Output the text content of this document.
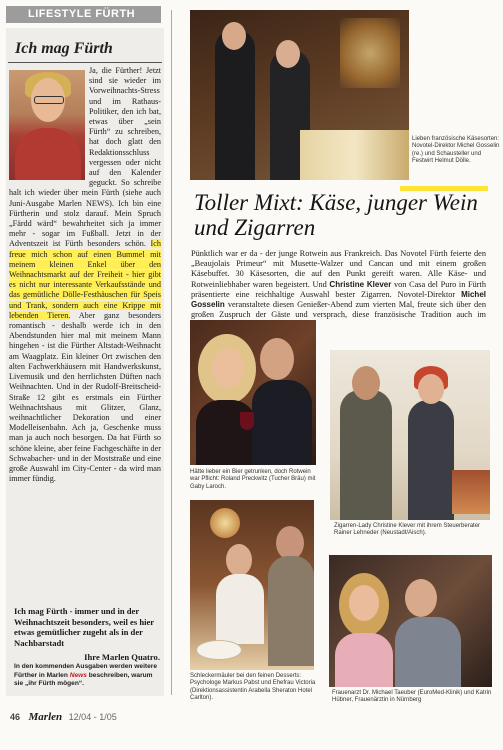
LIFESTYLE FÜRTH
Ich mag Fürth

Ja, die Fürther! Jetzt sind sie wieder im Vorweihnachts-Stress und im Rathaus-Politiker, den ich bat, etwas über „sein Fürth“ zu schreiben, hat doch glatt den Redaktionsschluss vergessen oder nicht auf den Kalender geguckt. So schreibe halt ich wieder über mein Fürth (siehe auch Juni-Ausgabe Marlen NEWS). Ich bin eine Fürtherin und stolz darauf. Mein Spruch „Färdd wärd“ bewahrheitet sich ja immer mehr - sogar im Fußball. Jetzt in der Adventszeit ist Fürth besonders schön. Ich freue mich schon auf einen Bummel mit meinem kleinen Enkel über den Weihnachtsmarkt auf der Freiheit - hier gibt es nicht nur interessante Verkaufsstände und das gemütliche Dölle-Festhäuschen für Speis und Trank, sondern auch eine Krippe mit lebenden Tieren. Aber ganz besonders romantisch - deshalb werde ich in den Abendstunden hier mal mit meinem Mann hingehen - ist die Fürther Altstadt-Weihnacht am Waagplatz. Ein kleiner Ort zwischen den alten Fachwerkhäusern mit Handwerkskunst, Livemusik und den herrlichsten Düften nach Weihnachten. Und in der Rudolf-Breitscheid-Straße 12 gibt es erstmals ein Fürther Weihnachtshaus mit Glitzer, Glanz, weihnachtlicher Dekoration und einer Modelleisenbahn. Ach ja, Geschenke muss man ja auch noch besorgen. Da hat Fürth so schöne kleine, aber feine Fachgeschäfte in der Schwabacher- und in der Moststraße und eine große Auswahl im City-Center - da wird man immer fündig.

Ich mag Fürth - immer und in der Weihnachtszeit besonders, weil es hier etwas gemütlicher zugeht als in der Nachbarstadt
Ihre Marlen Quatro.
In den kommenden Ausgaben werden weitere Fürther in Marlen News beschreiben, warum sie „ihr Fürth mögen“.
46 Marlen 12/04 - 1/05
Lieben französische Käsesorten: Novotel-Direktor Michel Gosselin (re.) und Schausteller und Festwirt Helmut Dölle.
Toller Mixt: Käse, junger Wein und Zigarren
Pünktlich war er da - der junge Rotwein aus Frankreich. Das Novotel Fürth feierte den „Beaujolais Primeur“ mit Musette-Walzer und Cancan und mit einem großen Käsebuffet. 30 Käsesorten, die auf den Punkt gereift waren. Alle Käse- und Rotweinliebhaber waren begeistert. Und Christine Klever von Casa del Puro in Fürth präsentierte eine reichhaltige Auswahl bester Zigarren. Novotel-Direktor Michel Gosselin veranstaltete diesen Genießer-Abend zum vierten Mal, freute sich über den großen Zuspruch der Gäste und versprach, diese französische Tradition auch im
Hätte lieber ein Bier getrunken, doch Rotwein war Pflicht: Roland Preckwitz (Tucher Bräu) mit Gaby Laroch.
Zigarren-Lady Christine Klever mit ihrem Steuerberater Rainer Lehneder (Neustadt/Aisch).
Schleckermäuler bei den feinen Desserts: Psychologe Markus Pabst und Ehefrau Victoria (Direktionsassistentin Arabella Sheraton Hotel Carlton).
Frauenarzt Dr. Michael Taeuber (EuroMed-Klinik) und Katrin Hübner, Frauenärztin in Nürnberg
